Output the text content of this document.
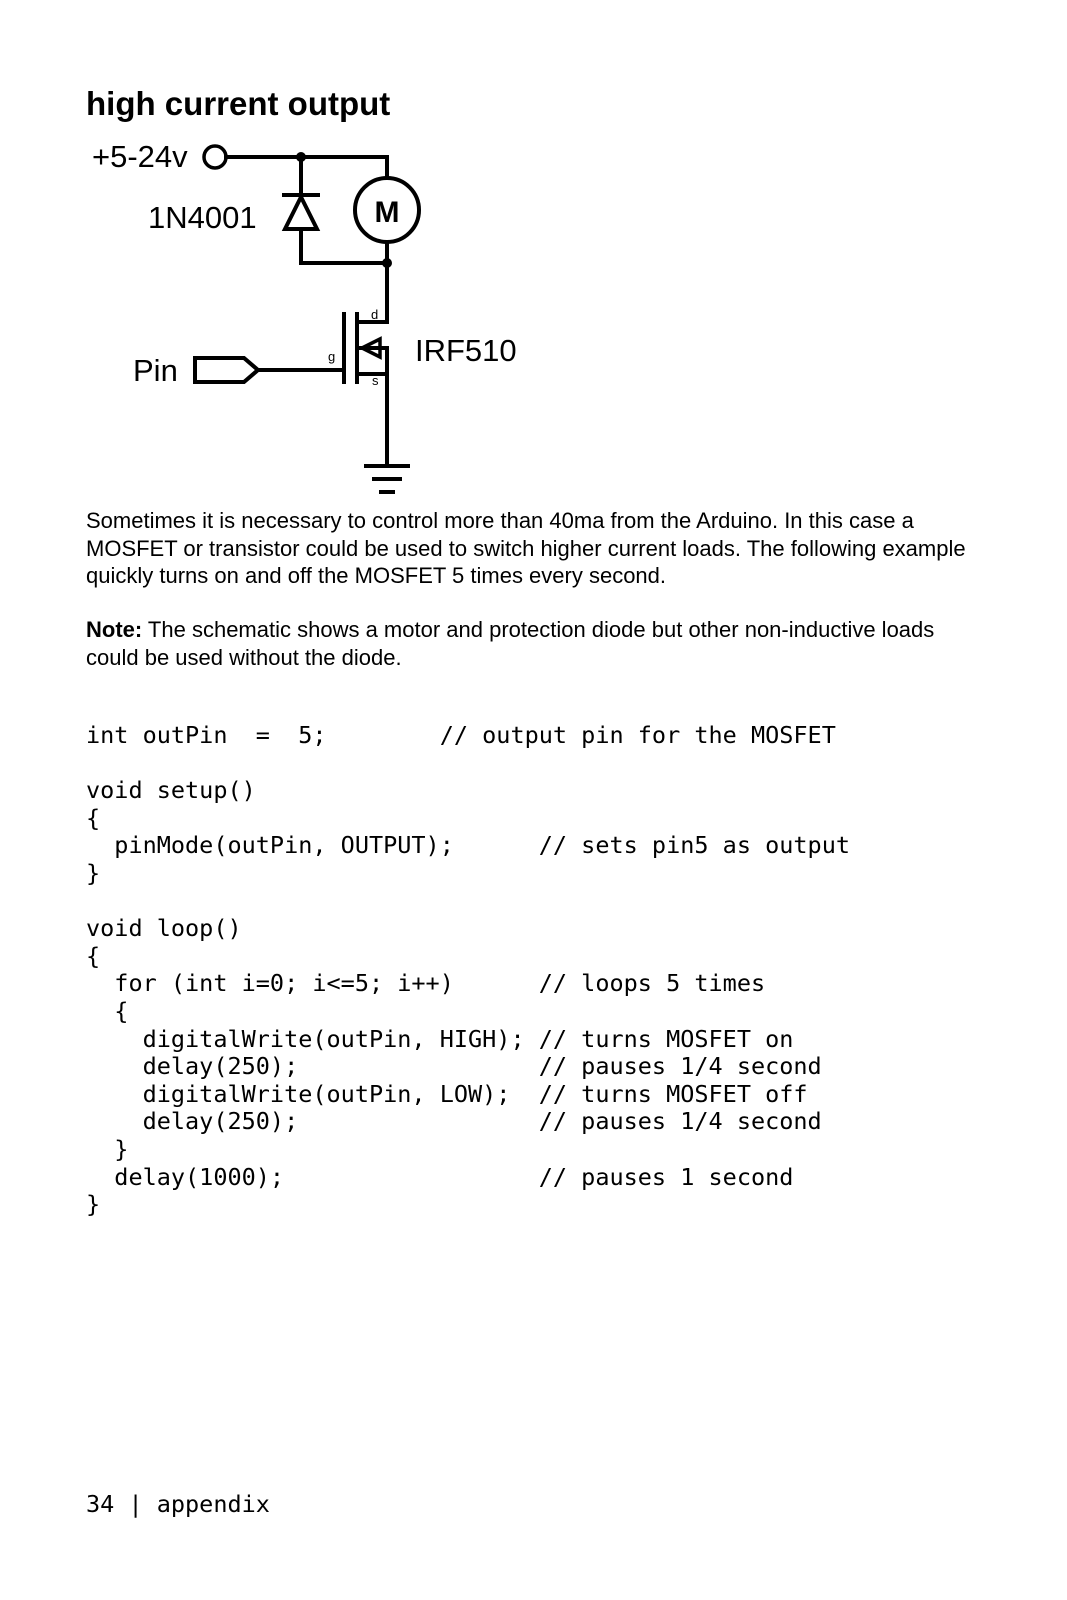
high current output
+5-24v
1N4001	M
IRF510
Pin
d
g
s

Sometimes it is necessary to control more than 40ma from the Arduino. In this case a MOSFET or transistor could be used to switch higher current loads. The following example quickly turns on and off the MOSFET 5 times every second.

Note: The schematic shows a motor and protection diode but other non-inductive loads could be used without the diode.

int outPin  =  5;        // output pin for the MOSFET
void setup()
{
pinMode(outPin, OUTPUT);      // sets pin5 as output
}
void loop()
{
for (int i=0; i<=5; i++)      // loops 5 times
{
digitalWrite(outPin, HIGH); // turns MOSFET on
delay(250);                 // pauses 1/4 second
digitalWrite(outPin, LOW);  // turns MOSFET off
delay(250);                 // pauses 1/4 second
}
delay(1000);                  // pauses 1 second
}

34 | appendix
